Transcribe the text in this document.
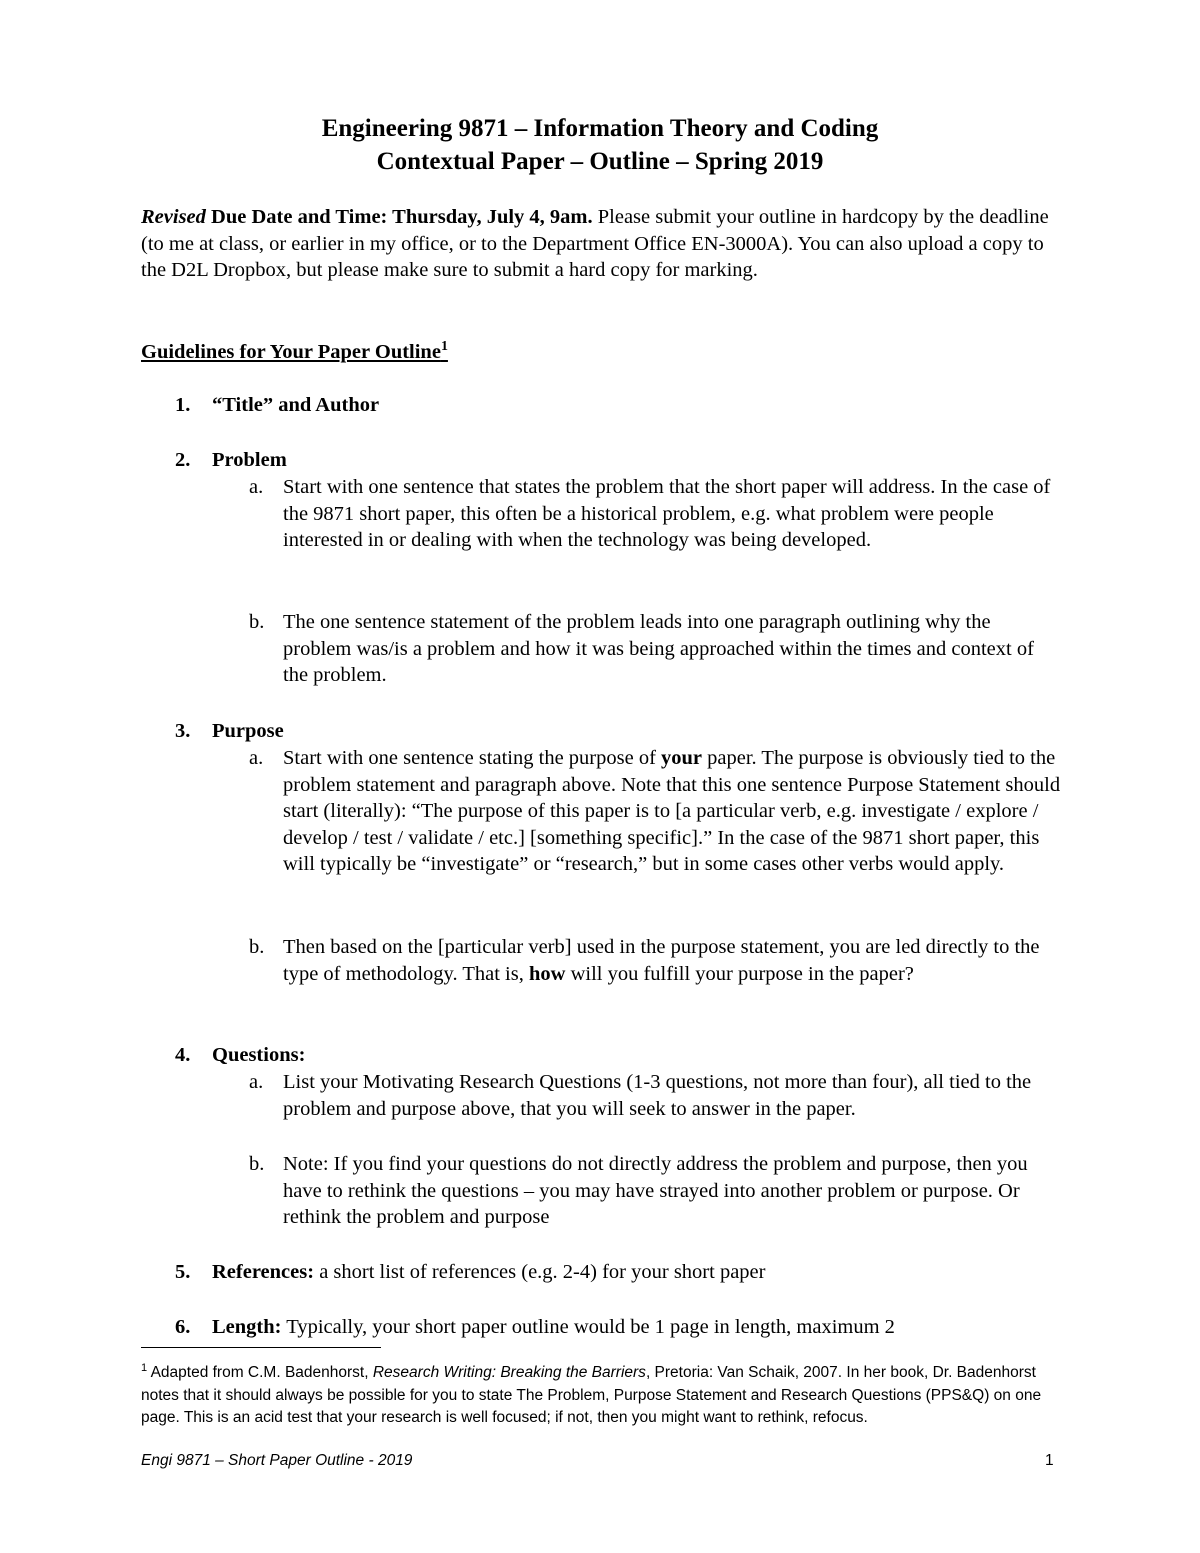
Engineering 9871 – Information Theory and Coding
Contextual Paper – Outline – Spring 2019

Revised Due Date and Time: Thursday, July 4, 9am. Please submit your outline in hardcopy by the deadline (to me at class, or earlier in my office, or to the Department Office EN-3000A). You can also upload a copy to the D2L Dropbox, but please make sure to submit a hard copy for marking.

Guidelines for Your Paper Outline$^1$
1. “Title” and Author
2. Problem
a. Start with one sentence that states the problem that the short paper will address. In the case of the 9871 short paper, this often be a historical problem, e.g. what problem were people interested in or dealing with when the technology was being developed.

b. The one sentence statement of the problem leads into one paragraph outlining why the problem was/is a problem and how it was being approached within the times and context of the problem.

3. Purpose
a. Start with one sentence stating the purpose of your paper. The purpose is obviously tied to the problem statement and paragraph above. Note that this one sentence Purpose Statement should start (literally): “The purpose of this paper is to [a particular verb, e.g. investigate / explore / develop / test / validate / etc.] [something specific].” In the case of the 9871 short paper, this will typically be “investigate” or “research,” but in some cases other verbs would apply.

b. Then based on the [particular verb] used in the purpose statement, you are led directly to the type of methodology. That is, how will you fulfill your purpose in the paper?

4. Questions:
a. List your Motivating Research Questions (1-3 questions, not more than four), all tied to the problem and purpose above, that you will seek to answer in the paper.

b. Note: If you find your questions do not directly address the problem and purpose, then you have to rethink the questions – you may have strayed into another problem or purpose. Or rethink the problem and purpose

5. References: a short list of references (e.g. 2-4) for your short paper
6. Length: Typically, your short paper outline would be 1 page in length, maximum 2

$^1$ Adapted from C.M. Badenhorst, Research Writing: Breaking the Barriers, Pretoria: Van Schaik, 2007. In her book, Dr. Badenhorst notes that it should always be possible for you to state The Problem, Purpose Statement and Research Questions (PPS&Q) on one page. This is an acid test that your research is well focused; if not, then you might want to rethink, refocus.

Engi 9871 – Short Paper Outline - 2019	1
